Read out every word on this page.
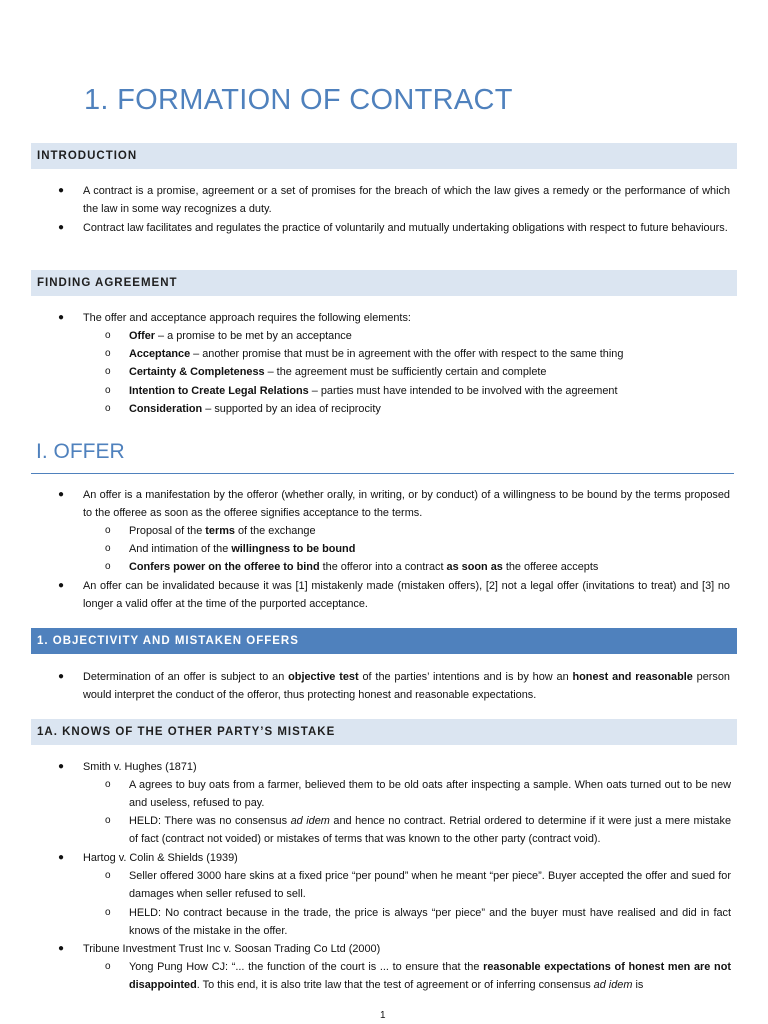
1. FORMATION OF CONTRACT
INTRODUCTION
● A contract is a promise, agreement or a set of promises for the breach of which the law gives a remedy or the performance of which the law in some way recognizes a duty.
● Contract law facilitates and regulates the practice of voluntarily and mutually undertaking obligations with respect to future behaviours.
FINDING AGREEMENT
● The offer and acceptance approach requires the following elements:
o Offer – a promise to be met by an acceptance
o Acceptance – another promise that must be in agreement with the offer with respect to the same thing
o Certainty & Completeness – the agreement must be sufficiently certain and complete
o Intention to Create Legal Relations – parties must have intended to be involved with the agreement
o Consideration – supported by an idea of reciprocity
I. OFFER
● An offer is a manifestation by the offeror (whether orally, in writing, or by conduct) of a willingness to be bound by the terms proposed to the offeree as soon as the offeree signifies acceptance to the terms.
o Proposal of the terms of the exchange
o And intimation of the willingness to be bound
o Confers power on the offeree to bind the offeror into a contract as soon as the offeree accepts
● An offer can be invalidated because it was [1] mistakenly made (mistaken offers), [2] not a legal offer (invitations to treat) and [3] no longer a valid offer at the time of the purported acceptance.
1. OBJECTIVITY AND MISTAKEN OFFERS
● Determination of an offer is subject to an objective test of the parties’ intentions and is by how an honest and reasonable person would interpret the conduct of the offeror, thus protecting honest and reasonable expectations.
1A. KNOWS OF THE OTHER PARTY’S MISTAKE
● Smith v. Hughes (1871)
o A agrees to buy oats from a farmer, believed them to be old oats after inspecting a sample. When oats turned out to be new and useless, refused to pay.
o HELD: There was no consensus ad idem and hence no contract. Retrial ordered to determine if it were just a mere mistake of fact (contract not voided) or mistakes of terms that was known to the other party (contract void).
● Hartog v. Colin & Shields (1939)
o Seller offered 3000 hare skins at a fixed price “per pound” when he meant “per piece”. Buyer accepted the offer and sued for damages when seller refused to sell.
o HELD: No contract because in the trade, the price is always “per piece” and the buyer must have realised and did in fact knows of the mistake in the offer.
● Tribune Investment Trust Inc v. Soosan Trading Co Ltd (2000)
o Yong Pung How CJ: “... the function of the court is ... to ensure that the reasonable expectations of honest men are not disappointed. To this end, it is also trite law that the test of agreement or of inferring consensus ad idem is
1
